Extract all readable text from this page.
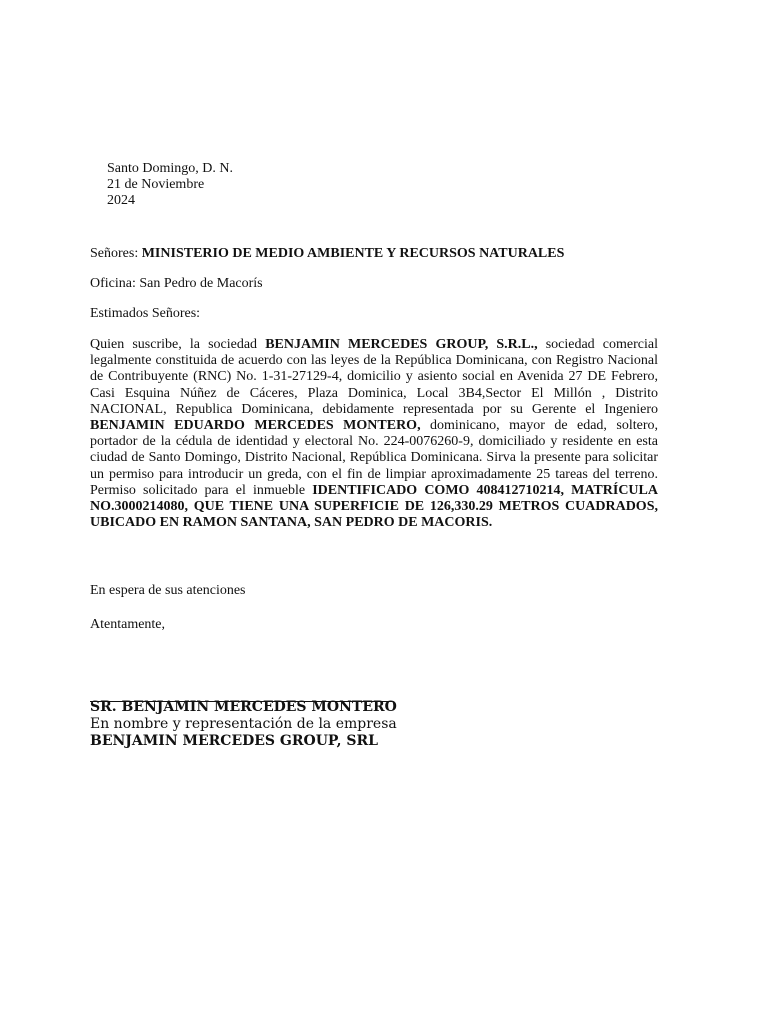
Santo Domingo, D. N.
21 de Noviembre
2024
Señores: MINISTERIO DE MEDIO AMBIENTE Y RECURSOS NATURALES
Oficina: San Pedro de Macorís
Estimados Señores:
Quien suscribe, la sociedad BENJAMIN MERCEDES GROUP, S.R.L., sociedad comercial legalmente constituida de acuerdo con las leyes de la República Dominicana, con Registro Nacional de Contribuyente (RNC) No. 1-31-27129-4, domicilio y asiento social en Avenida 27 DE Febrero, Casi Esquina Núñez de Cáceres, Plaza Dominica, Local 3B4,Sector El Millón , Distrito NACIONAL, Republica Dominicana, debidamente representada por su Gerente el Ingeniero BENJAMIN EDUARDO MERCEDES MONTERO, dominicano, mayor de edad, soltero, portador de la cédula de identidad y electoral No. 224-0076260-9, domiciliado y residente en esta ciudad de Santo Domingo, Distrito Nacional, República Dominicana. Sirva la presente para solicitar un permiso para introducir un greda, con el fin de limpiar aproximadamente 25 tareas del terreno. Permiso solicitado para el inmueble IDENTIFICADO COMO 408412710214, MATRÍCULA NO.3000214080, QUE TIENE UNA SUPERFICIE DE 126,330.29 METROS CUADRADOS, UBICADO EN RAMON SANTANA, SAN PEDRO DE MACORIS.
En espera de sus atenciones
Atentamente,
SR. BENJAMIN MERCEDES MONTERO
En nombre y representación de la empresa
BENJAMIN MERCEDES GROUP, SRL
